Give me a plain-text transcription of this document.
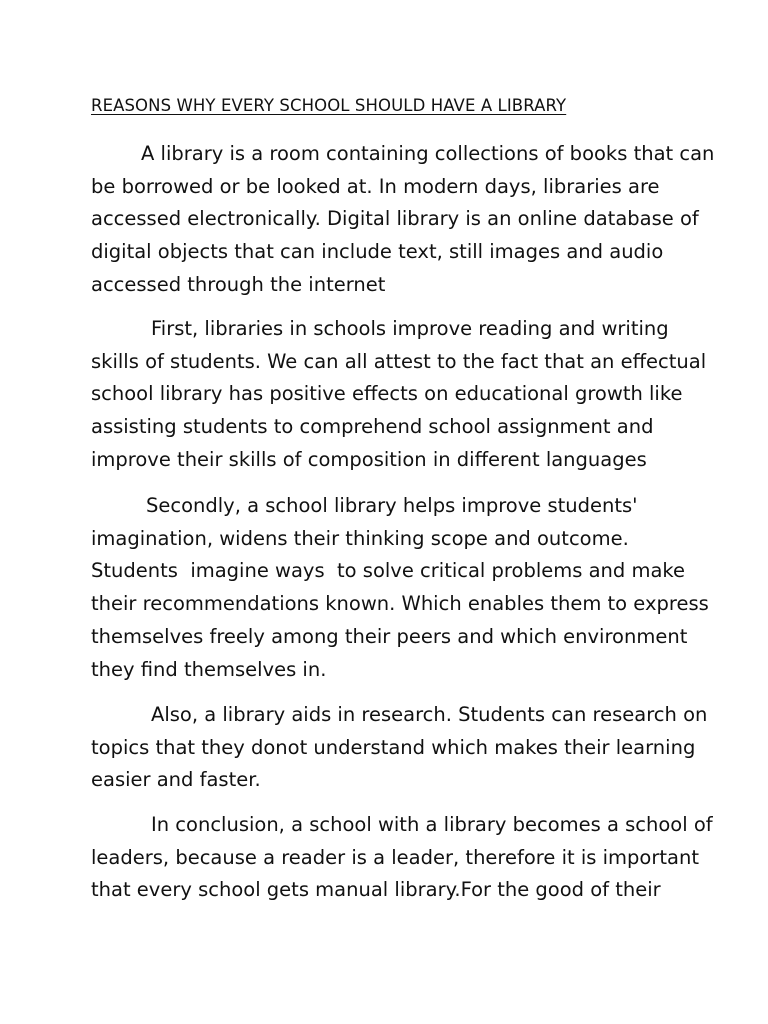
REASONS WHY EVERY SCHOOL SHOULD HAVE A LIBRARY

A library is a room containing collections of books that can
be borrowed or be looked at. In modern days, libraries are
accessed electronically. Digital library is an online database of
digital objects that can include text, still images and audio
accessed through the internet

First, libraries in schools improve reading and writing
skills of students. We can all attest to the fact that an effectual
school library has positive effects on educational growth like
assisting students to comprehend school assignment and
improve their skills of composition in different languages

Secondly, a school library helps improve students'
imagination, widens their thinking scope and outcome.
Students  imagine ways  to solve critical problems and make
their recommendations known. Which enables them to express
themselves freely among their peers and which environment
they find themselves in.

Also, a library aids in research. Students can research on
topics that they donot understand which makes their learning
easier and faster.

In conclusion, a school with a library becomes a school of
leaders, because a reader is a leader, therefore it is important
that every school gets manual library.For the good of their
